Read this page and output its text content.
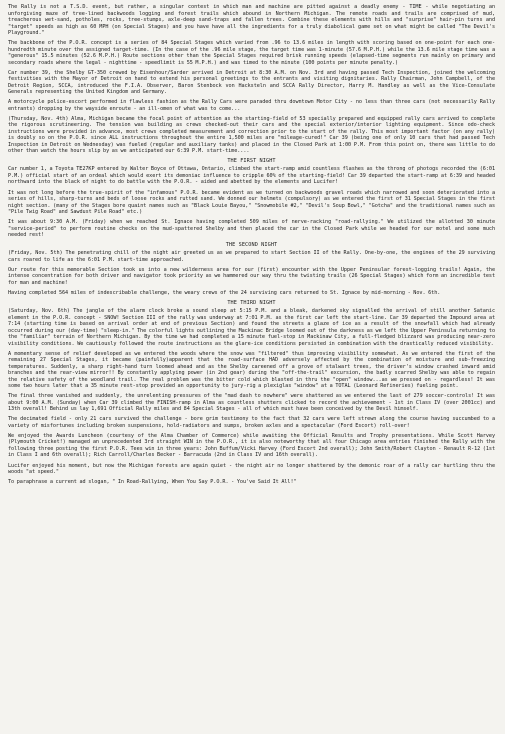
The Rally is not a T.S.D. event, but rather, a singular contest in which man and machine are pitted against a deadly enemy - TIME - while negotiating an unforgiving maze of tree-lined backwoods logging and forest trails which abound in Northern Michigan. The remote roads and trails are comprised of mud, treacherous wet-sand, potholes, rocks, tree-stumps, axle-deep sand-traps and fallen trees. Combine these elements with hills and "surprise" hair-pin turns and "target" speeds as high as 60 MPH (on Special Stages) and you have have all the ingredients for a truly diabolical game set on what might be called "The Devil's Playground."

The backbone of the P.O.R. concept is a series of 84 Special Stages which varied from .96 to 13.6 miles in length with scoring based on one-point for each one-hundredth minute over the assigned target-time. (In the case of the .96 mile stage, the target time was 1-minute (57.6 M.P.H.) while the 13.6 mile stage time was a "generous" 15.5 minutes (52.6 M.P.H.) Route sections other than the Special Stages required brisk running speeds (elapsed-time segments run mainly on primary and secondary roads where the legal - nighttime - speedlimit is 55 M.P.H.) and was timed to the minute (100 points per minute penalty.)

Car number 39, the Shelby GT-350 crewed by Eisenhour/Sarder arrived in Detroit at 8:30 A.M. on Nov. 3rd and having passed Tech Inspection, joined the welcoming festivities with the Mayor of Detroit on hand to extend his personal greetings to the entrants and visiting dignitaries. Rally Chairman, John Campbell, of the Detroit Region, SCCA, introduced the F.I.A. Observer, Baron Stenbock von Hacksteln and SCCA Rally Director, Harry M. Handley as well as the Vice-Consulate Generals representing the United Kingdom and Germany.

A motorcycle police-escort performed in flawless fashion as the Rally Cars were paraded thru downtown Motor City - no less than three cars (not necessarily Rally entrants) dropping by the wayside enroute - an ill-omen of what was to come...

(Thursday, Nov. 4th) Alma, Michigan became the focal point of attention as the starting-field of 53 specially prepared and equipped rally cars arrived to complete the rigorous scrutineering. The tension was building as crews checked-out their cars and the special exterior/interior lighting equipment. Since odo-check instructions were provided in advance, most crews completed measurement and correction prior to the start of the rally. This most important factor (on any rally) is doubly so on the P.O.R. since ALL instructions throughout the entire 1,500 miles are "mileage-cured!" Car 39 (being one of only 10 cars that had passed Tech Inspection in Detroit on Wednesday) was fueled (regular and auxiliary tanks) and placed in the Closed Park at 1:00 P.M. From this point on, there was little to do other than watch the hours slip by as we anticipated our 6:39 P.M. start-time....

THE FIRST NIGHT

Car number 1, a Toyota TE27KP entered by Walter Boyce of Ottawa, Ontario, climbed the start-ramp amid countless flashes as the throng of photogs recorded the (6:01 P.M.) official start of an ordeal which would exert its demoniac influence to cripple 60% of the starting-field! Car 39 departed the start-ramp at 6:39 and headed northward into the black of night to do battle with the P.O.R. - aided and abetted by the elements and Lucifer!

It was not long before the true-spirit of the "infamous" P.O.R. became evident as we turned on backwoods gravel roads which narrowed and soon deteriorated into a series of hills, sharp-turns and beds of loose rocks and rutted sand. We donned our helmets (compulsory) as we entered the first of 31 Special Stages in the first night section. (many of the Stages bore quaint names such as "Black Louie Bayou," "Snowmobile #2," "Devil's Soup Bowl," "Gotcha" and the traditional names such as "Pile Twig Road" and Sawdust Pile Road" etc.)

It was about 9:30 A.M. (Friday) when we reached St. Ignace having completed 509 miles of nerve-racking "road-rallying." We utilized the allotted 30 minute "service-period" to perform routine checks on the mud-spattered Shelby and then placed the car in the Closed Park while we headed for our motel and some much needed rest!

THE SECOND NIGHT

(Friday, Nov. 5th) The penetrating chill of the night air greeted us as we prepared to start Section II of the Rally. One-by-one, the engines of the 29 surviving cars roared to life as the 6:01 P.M. start-time approached.

Our route for this memorable Section took us into a new wilderness area for our (first) encounter with the Upper Peninsular forest-logging trails! Again, the intense concentration for both driver and navigator took priority as we hammered our way thru the twisting trails (26 Special Stages) which form an incredible test for man and machine!

Having completed 564 miles of indescribable challenge, the weary crews of the 24 surviving cars returned to St. Ignace by mid-morning - Nov. 6th.

THE THIRD NIGHT

(Saturday, Nov. 6th) The jangle of the alarm clock broke a sound sleep at 5:15 P.M. and a bleak, darkened sky signalled the arrival of still another Satanic element in the P.O.R. concept - SNOW! Section III of the rally was underway at 7:01 P.M. as the first car left the start-line. Car 39 departed the Impound area at 7:14 (starting time is based on arrival order at end of previous Section) and found the streets a glaze of ice as a result of the snowfall which had already occurred during our (day-time) "sleep-in." The colorful lights outlining the Mackinac Bridge loomed out of the darkness as we left the Upper Peninsula returning to the "familiar" terrain of Northern Michigan. By the time we had completed a 15 minute fuel-stop in Mackinaw City, a full-fledged blizzard was producing near-zero visibility conditions. We cautiously followed the route instructions as the glare-ice conditions persisted in combination with the drastically reduced visibility.

A momentary sense of relief developed as we entered the woods where the snow was "filtered" thus improving visibility somewhat. As we entered the first of the remaining 27 Special Stages, it became (painfully)apparent that the road-surface HAD adversely affected by the combination of moisture and sub-freezing temperatures. Suddenly, a sharp right-hand turn loomed ahead and as the Shelby careened off a grove of stalwart trees, the driver's window crashed inward amid branches and the rear-view mirror!! By constantly applying power (in 2nd gear) during the "off-the-trail" excursion, the badly scarred Shelby was able to regain the relative safety of the woodland trail. The real problem was the bitter cold which blasted in thru the "open" window...as we pressed on - regardless! It was some two hours later that a 35 minute rest-stop provided an opportunity to jury-rig a plexiglas "window" at a TOTAL (Leonard Refineries) fueling point.

The final three vanished and suddenly, the unrelenting pressures of the "mad dash to nowhere" were shattered as we entered the last of 279 soccer-controls! It was about 9:00 A.M. (Sunday) when Car 39 climbed the FINISH-ramp in Alma as countless shutters clicked to record the achievement - 1st in Class IV (over 2001cc) and 13th overall! Behind us lay 1,691 Official Rally miles and 84 Special Stages - all of which must have been conceived by the Devil himself.

The decimated field - only 21 cars survived the challenge - bore grim testimony to the fact that 32 cars were left strewn along the course having succumbed to a variety of misfortunes including broken suspensions, hold-radiators and sumps, broken axles and a spectacular (Ford Escort) roll-over!

We enjoyed the Awards Luncheon (courtesy of the Alma Chamber of Commerce) while awaiting the Official Results and Trophy presentations. While Scott Harvey (Plymouth Cricket!) managed an unprecedented 3rd straight WIN in the P.O.R., it is also noteworthy that all four Chicago area entries finished the Rally with the following three posting the first P.O.R. Tees win in three years: John Buffum/Vicki Harvey (Ford Escort 2nd overall); John Smith/Robert Clayton - Renault R-12 (1st in Class I and 6th overall); Rich Carroll/Charles Becker - Barracuda (2nd in Class IV and 16th overall).

Lucifer enjoyed his moment, but now the Michigan forests are again quiet - the night air no longer shattered by the demonic roar of a rally car hurtling thru the woods "at speed."

To paraphrase a current ad slogan, " In Road-Rallying, When You Say P.O.R. - You've Said It All!"
